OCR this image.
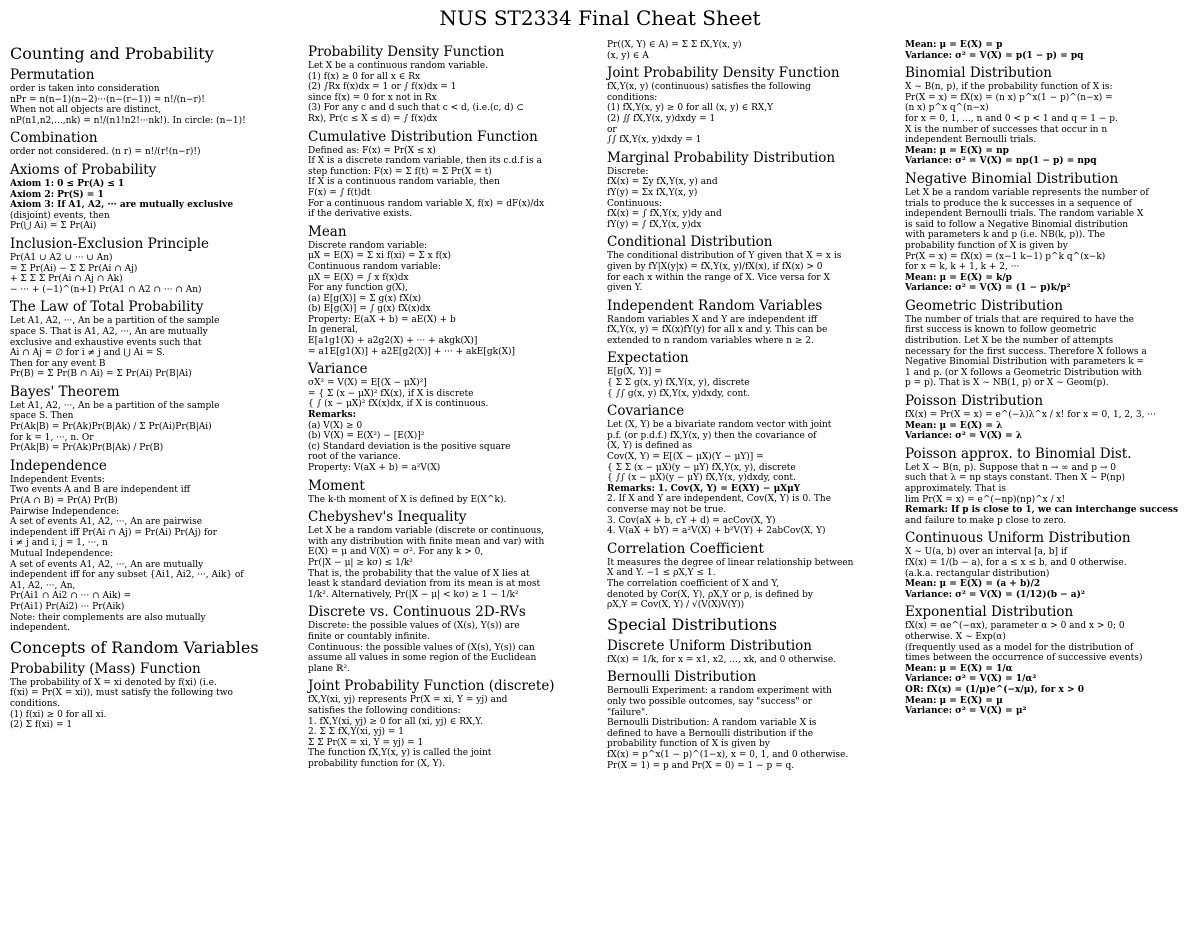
NUS ST2334 Final Cheat Sheet
Counting and Probability
Permutation
order is taken into consideration
nPr = n(n−1)(n−2)···(n−(r−1)) = n!/(n−r)!
When not all objects are distinct,
nP(n1,n2,...,nk) = n!/(n1!n2!···nk!). In circle: (n−1)!
Combination
order not considered. (n r) = n!/(r!(n−r)!)
Axioms of Probability
Axiom 1: 0 ≤ Pr(A) ≤ 1
Axiom 2: Pr(S) = 1
Axiom 3: If A1, A2, ··· are mutually exclusive
(disjoint) events, then
Pr(⋃ Ai) = Σ Pr(Ai)
Inclusion-Exclusion Principle
Pr(A1 ∪ A2 ∪ ··· ∪ An)
= Σ Pr(Ai) − Σ Σ Pr(Ai ∩ Aj)
+ Σ Σ Σ Pr(Ai ∩ Aj ∩ Ak)
− ··· + (−1)^(n+1) Pr(A1 ∩ A2 ∩ ··· ∩ An)
The Law of Total Probability
Let A1, A2, ···, An be a partition of the sample
space S. That is A1, A2, ···, An are mutually
exclusive and exhaustive events such that
Ai ∩ Aj = ∅ for i ≠ j and ⋃ Ai = S.
Then for any event B
Pr(B) = Σ Pr(B ∩ Ai) = Σ Pr(Ai) Pr(B|Ai)
Bayes' Theorem
Let A1, A2, ···, An be a partition of the sample
space S. Then
Pr(Ak|B) = Pr(Ak)Pr(B|Ak) / Σ Pr(Ai)Pr(B|Ai)
for k = 1, ···, n. Or
Pr(Ak|B) = Pr(Ak)Pr(B|Ak) / Pr(B)
Independence
Independent Events:
Two events A and B are independent iff
Pr(A ∩ B) = Pr(A) Pr(B)
Pairwise Independence:
A set of events A1, A2, ···, An are pairwise
independent iff Pr(Ai ∩ Aj) = Pr(Ai) Pr(Aj) for
i ≠ j and i, j = 1, ···, n
Mutual Independence:
A set of events A1, A2, ···, An are mutually
independent iff for any subset {Ai1, Ai2, ···, Aik} of
A1, A2, ···, An,
Pr(Ai1 ∩ Ai2 ∩ ··· ∩ Aik) =
Pr(Ai1) Pr(Ai2) ··· Pr(Aik)
Note: their complements are also mutually
independent.
Concepts of Random Variables
Probability (Mass) Function
The probability of X = xi denoted by f(xi) (i.e.
f(xi) = Pr(X = xi)), must satisfy the following two
conditions.
(1) f(xi) ≥ 0 for all xi.
(2) Σ f(xi) = 1
Probability Density Function
Let X be a continuous random variable.
(1) f(x) ≥ 0 for all x ∈ Rx
(2) ∫Rx f(x)dx = 1 or ∫ f(x)dx = 1
since f(x) = 0 for x not in Rx
(3) For any c and d such that c < d, (i.e.(c, d) ⊂
Rx), Pr(c ≤ X ≤ d) = ∫ f(x)dx
Cumulative Distribution Function
Defined as: F(x) = Pr(X ≤ x)
If X is a discrete random variable, then its c.d.f is a
step function: F(x) = Σ f(t) = Σ Pr(X = t)
If X is a continuous random variable, then
F(x) = ∫ f(t)dt
For a continuous random variable X, f(x) = dF(x)/dx
if the derivative exists.
Mean
Discrete random variable:
μX = E(X) = Σ xi f(xi) = Σ x f(x)
Continuous random variable:
μX = E(X) = ∫ x f(x)dx
For any function g(X),
(a) E[g(X)] = Σ g(x) fX(x)
(b) E[g(X)] = ∫ g(x) fX(x)dx
Property: E(aX + b) = aE(X) + b
In general,
E[a1g1(X) + a2g2(X) + ··· + akgk(X)]
= a1E[g1(X)] + a2E[g2(X)] + ··· + akE[gk(X)]
Variance
σX² = V(X) = E[(X − μX)²]
= { Σ (x − μX)² fX(x), if X is discrete
{ ∫ (x − μX)² fX(x)dx, if X is continuous.
Remarks:
(a) V(X) ≥ 0
(b) V(X) = E(X²) − [E(X)]²
(c) Standard deviation is the positive square
root of the variance.
Property: V(aX + b) = a²V(X)
Moment
The k-th moment of X is defined by E(X^k).
Chebyshev's Inequality
Let X be a random variable (discrete or continuous,
with any distribution with finite mean and var) with
E(X) = μ and V(X) = σ². For any k > 0,
Pr(|X − μ| ≥ kσ) ≤ 1/k²
That is, the probability that the value of X lies at
least k standard deviation from its mean is at most
1/k². Alternatively, Pr(|X − μ| < kσ) ≥ 1 − 1/k²
Discrete vs. Continuous 2D-RVs
Discrete: the possible values of (X(s), Y(s)) are
finite or countably infinite.
Continuous: the possible values of (X(s), Y(s)) can
assume all values in some region of the Euclidean
plane ℝ².
Joint Probability Function (discrete)
fX,Y(xi, yj) represents Pr(X = xi, Y = yj) and
satisfies the following conditions:
1. fX,Y(xi, yj) ≥ 0 for all (xi, yj) ∈ RX,Y.
2. Σ Σ fX,Y(xi, yj) = 1
Σ Σ Pr(X = xi, Y = yj) = 1
The function fX,Y(x, y) is called the joint
probability function for (X, Y).
Pr((X, Y) ∈ A) = Σ Σ fX,Y(x, y)
(x, y) ∈ A
Joint Probability Density Function
fX,Y(x, y) (continuous) satisfies the following
conditions:
(1) fX,Y(x, y) ≥ 0 for all (x, y) ∈ RX,Y
(2) ∬ fX,Y(x, y)dxdy = 1
or
∫∫ fX,Y(x, y)dxdy = 1
Marginal Probability Distribution
Discrete:
fX(x) = Σy fX,Y(x, y) and
fY(y) = Σx fX,Y(x, y)
Continuous:
fX(x) = ∫ fX,Y(x, y)dy and
fY(y) = ∫ fX,Y(x, y)dx
Conditional Distribution
The conditional distribution of Y given that X = x is
given by fY|X(y|x) = fX,Y(x, y)/fX(x), if fX(x) > 0
for each x within the range of X. Vice versa for X
given Y.
Independent Random Variables
Random variables X and Y are independent iff
fX,Y(x, y) = fX(x)fY(y) for all x and y. This can be
extended to n random variables where n ≥ 2.
Expectation
E[g(X, Y)] =
{ Σ Σ g(x, y) fX,Y(x, y), discrete
{ ∫∫ g(x, y) fX,Y(x, y)dxdy, cont.
Covariance
Let (X, Y) be a bivariate random vector with joint
p.f. (or p.d.f.) fX,Y(x, y) then the covariance of
(X, Y) is defined as
Cov(X, Y) = E[(X − μX)(Y − μY)] =
{ Σ Σ (x − μX)(y − μY) fX,Y(x, y), discrete
{ ∫∫ (x − μX)(y − μY) fX,Y(x, y)dxdy, cont.
Remarks: 1. Cov(X, Y) = E(XY) − μXμY
2. If X and Y are independent, Cov(X, Y) is 0. The
converse may not be true.
3. Cov(aX + b, cY + d) = acCov(X, Y)
4. V(aX + bY) = a²V(X) + b²V(Y) + 2abCov(X, Y)
Correlation Coefficient
It measures the degree of linear relationship between
X and Y. −1 ≤ ρX,Y ≤ 1.
The correlation coefficient of X and Y,
denoted by Cor(X, Y), ρX,Y or ρ, is defined by
ρX,Y = Cov(X, Y) / √(V(X)V(Y))
Special Distributions
Discrete Uniform Distribution
fX(x) = 1/k, for x = x1, x2, ..., xk, and 0 otherwise.
Bernoulli Distribution
Bernoulli Experiment: a random experiment with
only two possible outcomes, say "success" or
"failure".
Bernoulli Distribution: A random variable X is
defined to have a Bernoulli distribution if the
probability function of X is given by
fX(x) = p^x(1 − p)^(1−x), x = 0, 1, and 0 otherwise.
Pr(X = 1) = p and Pr(X = 0) = 1 − p = q.
Mean: μ = E(X) = p
Variance: σ² = V(X) = p(1 − p) = pq
Binomial Distribution
X ∼ B(n, p), if the probability function of X is:
Pr(X = x) = fX(x) = (n x) p^x(1 − p)^(n−x) =
(n x) p^x q^(n−x)
for x = 0, 1, ..., n and 0 < p < 1 and q = 1 − p.
X is the number of successes that occur in n
independent Bernoulli trials.
Mean: μ = E(X) = np
Variance: σ² = V(X) = np(1 − p) = npq
Negative Binomial Distribution
Let X be a random variable represents the number of
trials to produce the k successes in a sequence of
independent Bernoulli trials. The random variable X
is said to follow a Negative Binomial distribution
with parameters k and p (i.e. NB(k, p)). The
probability function of X is given by
Pr(X = x) = fX(x) = (x−1 k−1) p^k q^(x−k)
for x = k, k + 1, k + 2, ···
Mean: μ = E(X) = k/p
Variance: σ² = V(X) = (1 − p)k/p²
Geometric Distribution
The number of trials that are required to have the
first success is known to follow geometric
distribution. Let X be the number of attempts
necessary for the first success. Therefore X follows a
Negative Binomial Distribution with parameters k =
1 and p. (or X follows a Geometric Distribution with
p = p). That is X ∼ NB(1, p) or X ∼ Geom(p).
Poisson Distribution
fX(x) = Pr(X = x) = e^(−λ)λ^x / x! for x = 0, 1, 2, 3, ···
Mean: μ = E(X) = λ
Variance: σ² = V(X) = λ
Poisson approx. to Binomial Dist.
Let X ∼ B(n, p). Suppose that n → ∞ and p → 0
such that λ = np stays constant. Then X ∼ P(np)
approximately. That is
lim Pr(X = x) = e^(−np)(np)^x / x!
Remark: If p is close to 1, we can interchange success
and failure to make p close to zero.
Continuous Uniform Distribution
X ∼ U(a, b) over an interval [a, b] if
fX(x) = 1/(b − a), for a ≤ x ≤ b, and 0 otherwise.
(a.k.a. rectangular distribution)
Mean: μ = E(X) = (a + b)/2
Variance: σ² = V(X) = (1/12)(b − a)²
Exponential Distribution
fX(x) = αe^(−αx), parameter α > 0 and x > 0; 0
otherwise. X ∼ Exp(α)
(frequently used as a model for the distribution of
times between the occurrence of successive events)
Mean: μ = E(X) = 1/α
Variance: σ² = V(X) = 1/α²
OR: fX(x) = (1/μ)e^(−x/μ), for x > 0
Mean: μ = E(X) = μ
Variance: σ² = V(X) = μ²
